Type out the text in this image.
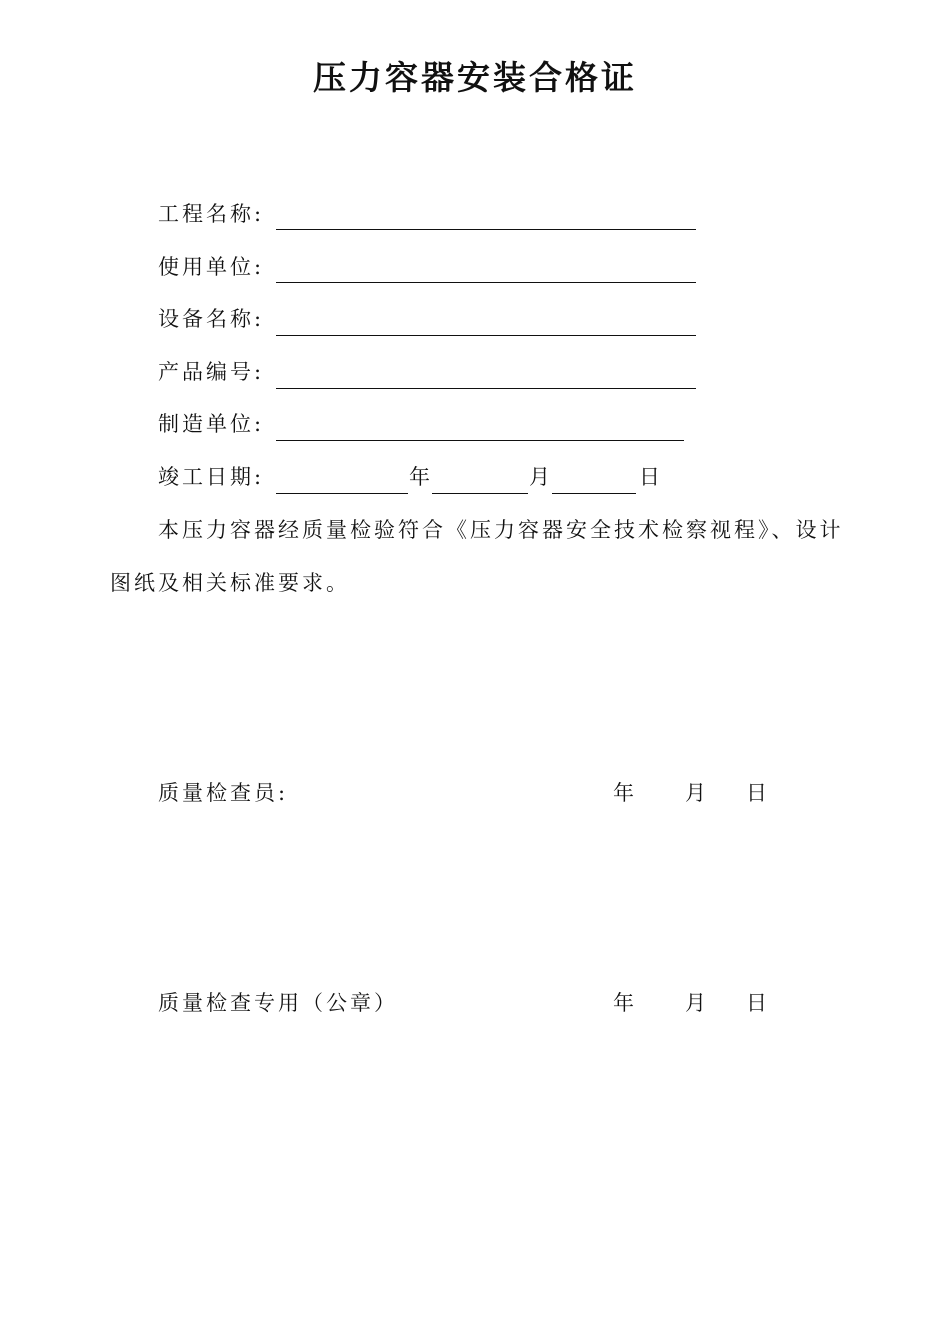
压力容器安装合格证
工程名称:
使用单位:
设备名称:
产品编号:
制造单位:
竣工日期:	年	月	日
本压力容器经质量检验符合《压力容器安全技术检察视程》、设计
图纸及相关标准要求。
质量检查员:	年 月 日
质量检查专用（公章）	年 月 日
